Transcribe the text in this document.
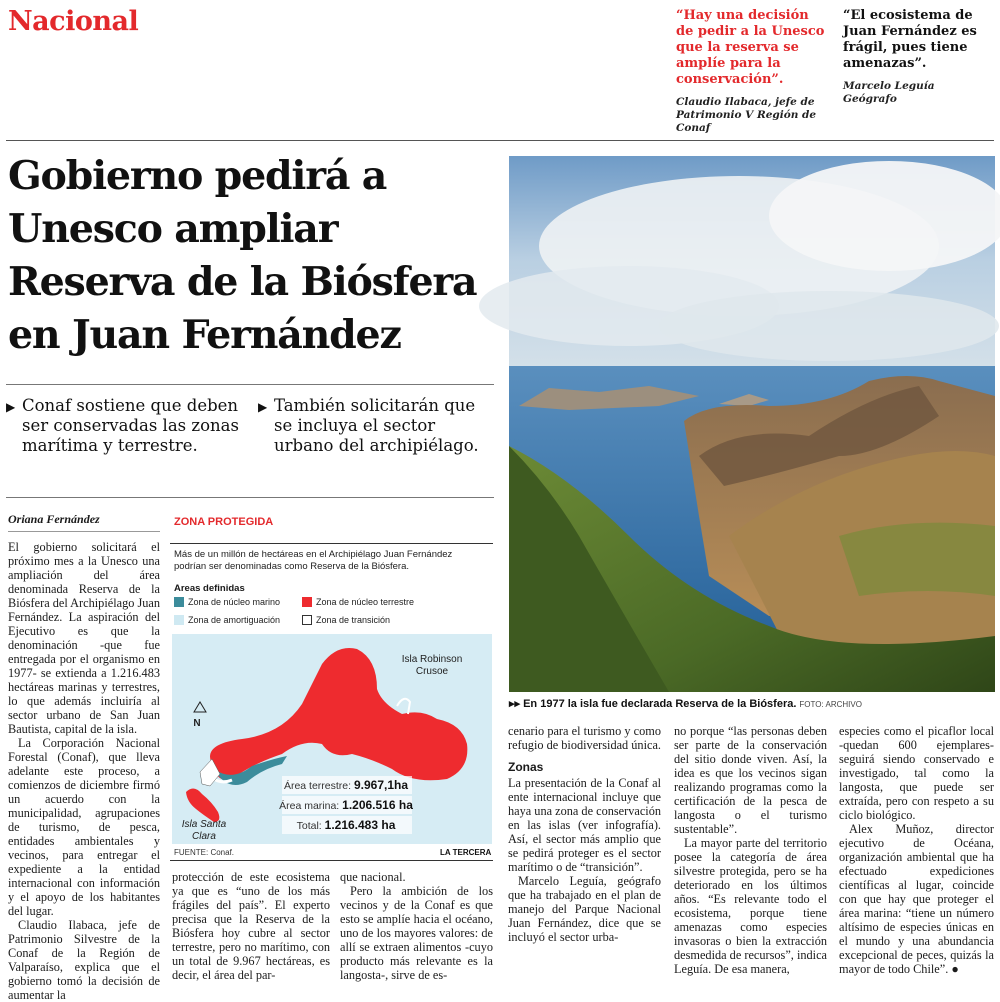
Nacional	“Hay una decisión de pedir a la Unesco que la reserva se amplíe para la conservación”.
Claudio Ilabaca, jefe de Patrimonio V Región de Conaf
“El ecosistema de Juan Fernández es frágil, pues tiene amenazas”.
Marcelo Leguía
Geógrafo
Gobierno pedirá a Unesco ampliar Reserva de la Biósfera en Juan Fernández
▶ Conaf sostiene que deben ser conservadas las zonas marítima y terrestre.
▶ También solicitarán que se incluya el sector urbano del archipiélago.
▸▸ En 1977 la isla fue declarada Reserva de la Biósfera. FOTO: ARCHIVO
Oriana Fernández

El gobierno solicitará el próximo mes a la Unesco una ampliación del área denominada Reserva de la Biósfera del Archipiélago Juan Fernández. La aspiración del Ejecutivo es que la denominación -que fue entregada por el organismo en 1977- se extienda a 1.216.483 hectáreas marinas y terrestres, lo que además incluiría al sector urbano de San Juan Bautista, capital de la isla.

La Corporación Nacional Forestal (Conaf), que lleva adelante este proceso, a comienzos de diciembre firmó un acuerdo con la municipalidad, agrupaciones de turismo, de pesca, entidades ambientales y vecinos, para entregar el expediente a la entidad internacional con información y el apoyo de los habitantes del lugar.

Claudio Ilabaca, jefe de Patrimonio Silvestre de la Conaf de la Región de Valparaíso, explica que el gobierno tomó la decisión de aumentar la

ZONA PROTEGIDA
Más de un millón de hectáreas en el Archipiélago Juan Fernández podrían ser denominadas como Reserva de la Biósfera.
Areas definidas
Zona de núcleo marino	Zona de núcleo terrestre
Zona de amortiguación	Zona de transición
Isla Robinson Crusoe
Isla Santa Clara
N
Área terrestre: 9.967,1ha
Área marina: 1.206.516 ha
Total: 1.216.483 ha
FUENTE: Conaf.	LA TERCERA

protección de este ecosistema ya que es “uno de los más frágiles del país”. El experto precisa que la Reserva de la Biósfera hoy cubre al sector terrestre, pero no marítimo, con un total de 9.967 hectáreas, es decir, el área del par-

que nacional.

Pero la ambición de los vecinos y de la Conaf es que esto se amplíe hacia el océano, uno de los mayores valores: de allí se extraen alimentos -cuyo producto más relevante es la langosta-, sirve de es-

cenario para el turismo y como refugio de biodiversidad única.

Zonas

La presentación de la Conaf al ente internacional incluye que haya una zona de conservación en las islas (ver infografía). Así, el sector más amplio que se pedirá proteger es el sector marítimo o de “transición”.

Marcelo Leguía, geógrafo que ha trabajado en el plan de manejo del Parque Nacional Juan Fernández, dice que se incluyó el sector urba-

no porque “las personas deben ser parte de la conservación del sitio donde viven. Así, la idea es que los vecinos sigan realizando programas como la certificación de la pesca de langosta o el turismo sustentable”.

La mayor parte del territorio posee la categoría de área silvestre protegida, pero se ha deteriorado en los últimos años. “Es relevante todo el ecosistema, porque tiene amenazas como especies invasoras o bien la extracción desmedida de recursos”, indica Leguía. De esa manera,

especies como el picaflor local -quedan 600 ejemplares- seguirá siendo conservado e investigado, tal como la langosta, que puede ser extraída, pero con respeto a su ciclo biológico.

Alex Muñoz, director ejecutivo de Océana, organización ambiental que ha efectuado expediciones científicas al lugar, coincide con que hay que proteger el área marina: “tiene un número altísimo de especies únicas en el mundo y una abundancia excepcional de peces, quizás la mayor de todo Chile”. ●
